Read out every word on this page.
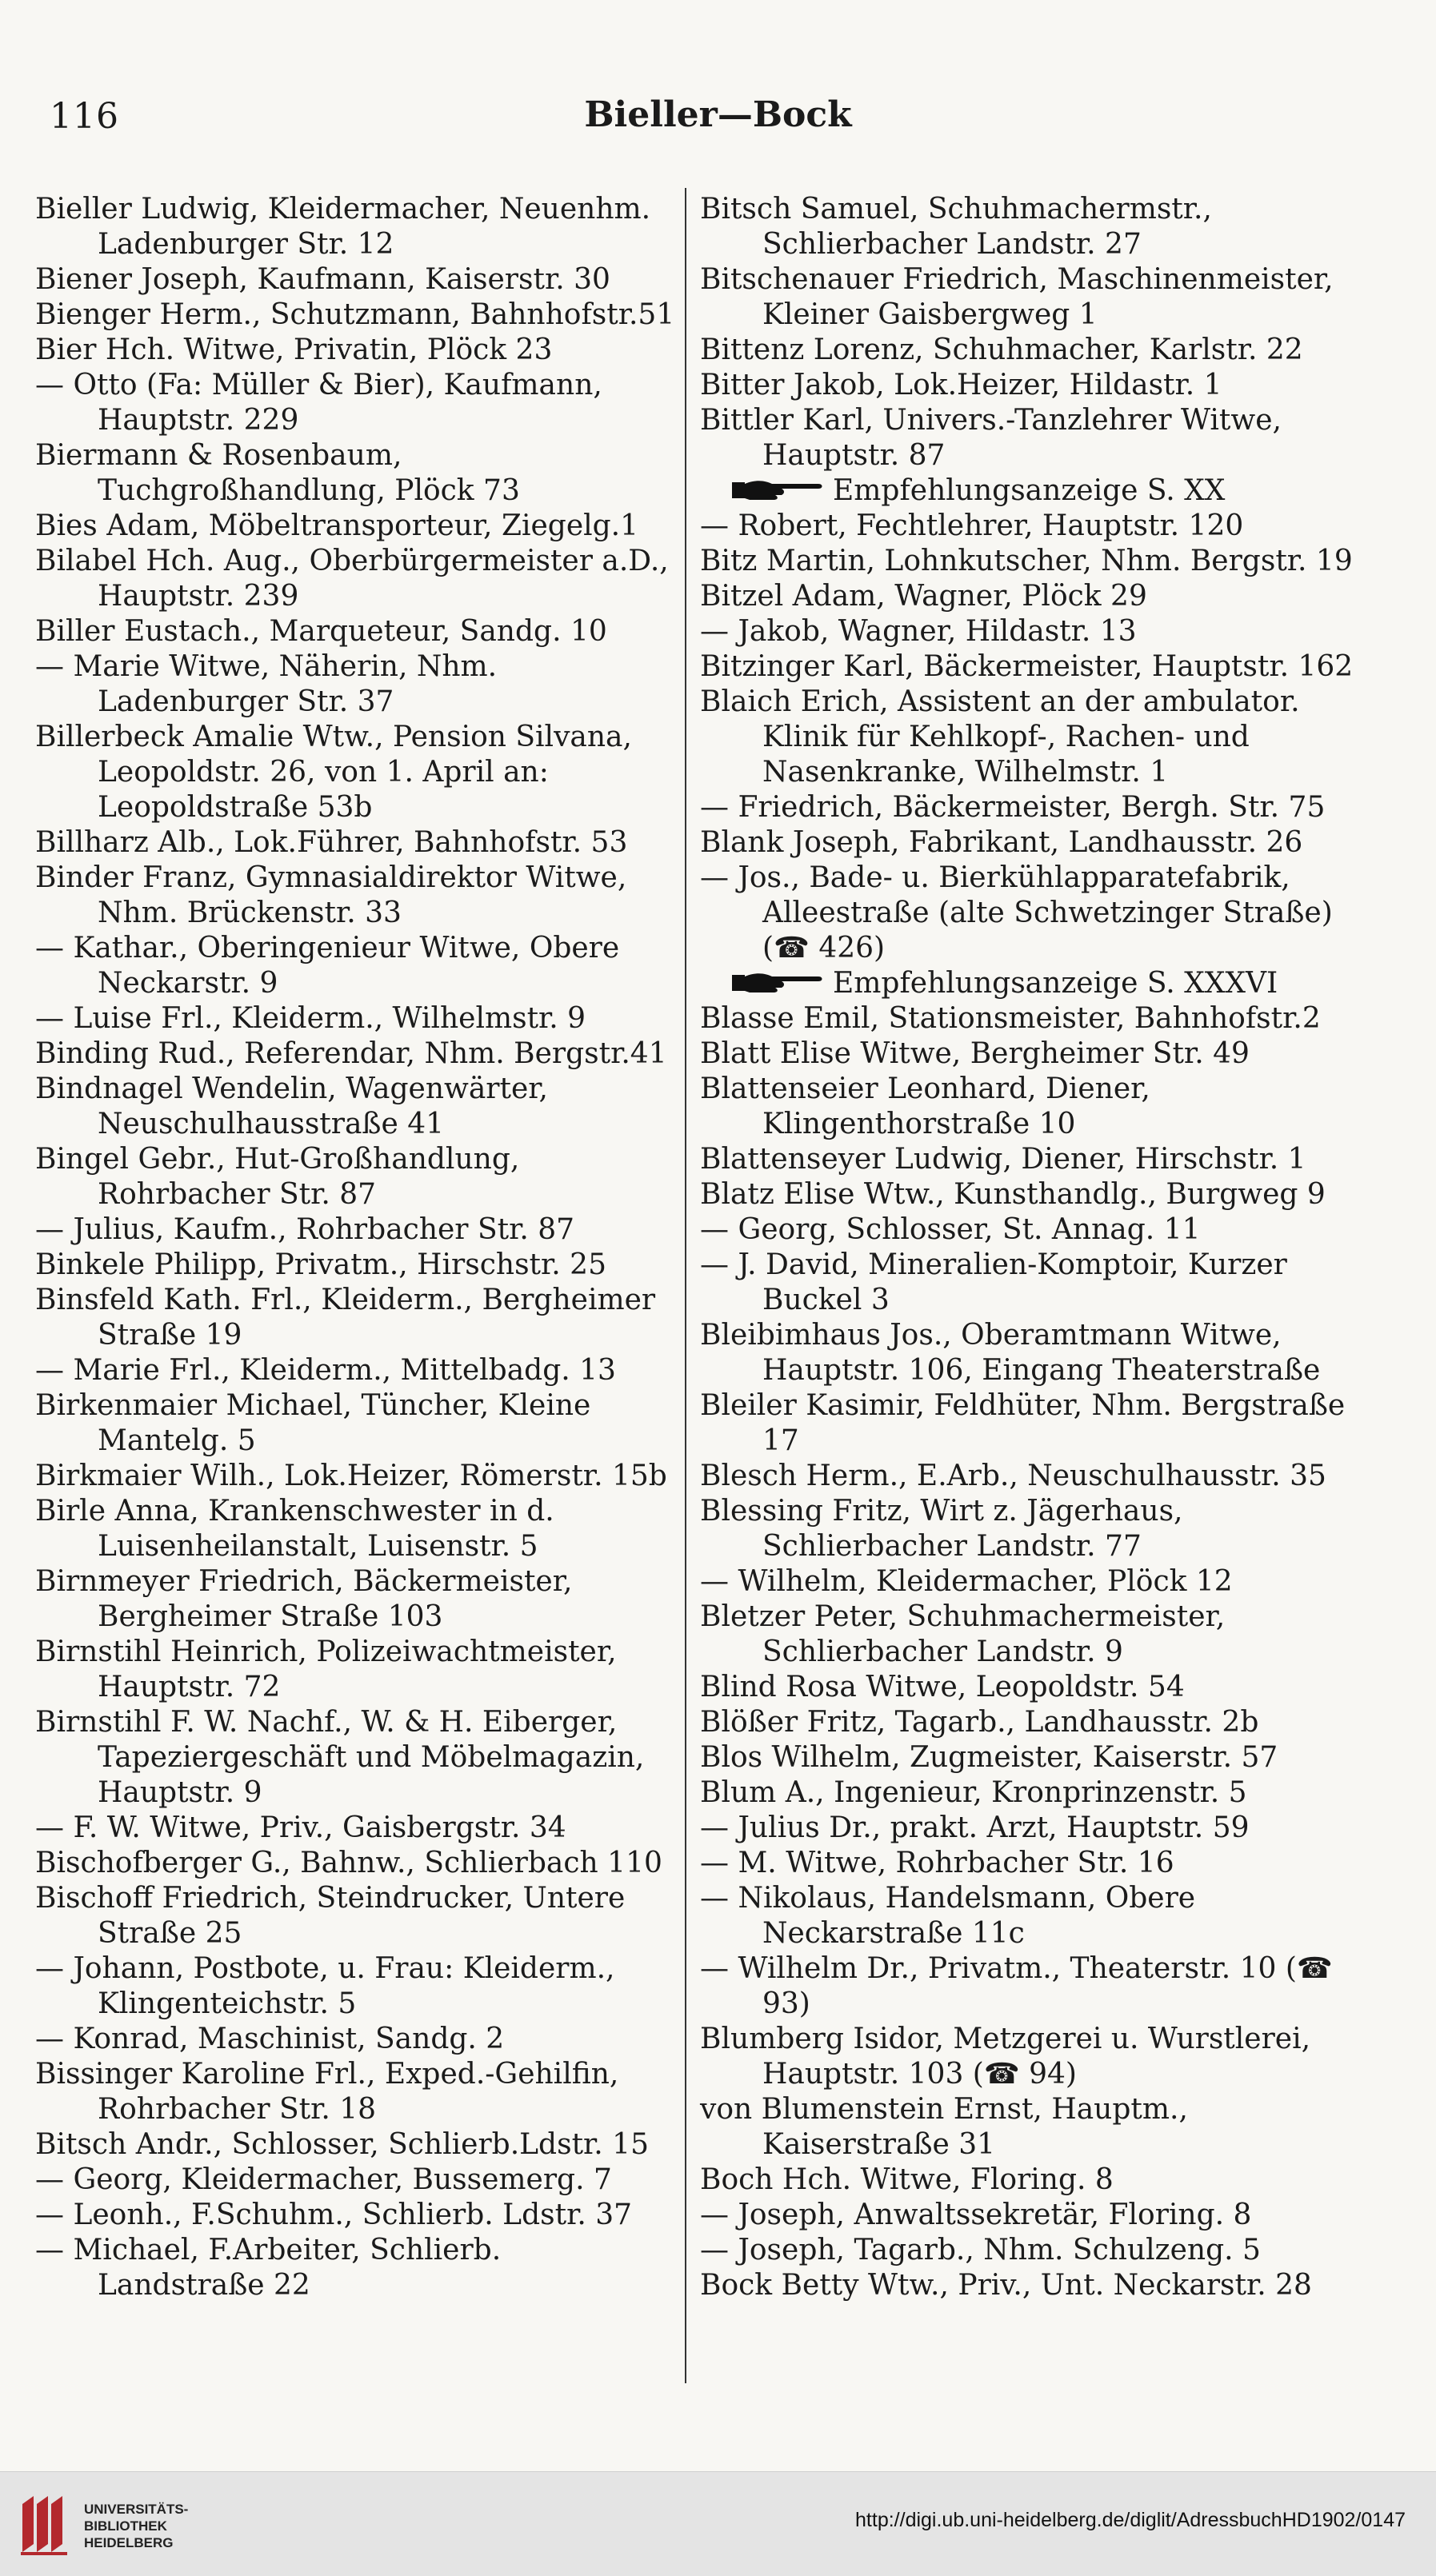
116	Bieller—Bock
Bieller Ludwig, Kleidermacher, Neuenhm. Ladenburger Str. 12
Biener Joseph, Kaufmann, Kaiserstr. 30
Bienger Herm., Schutzmann, Bahnhofstr.51
Bier Hch. Witwe, Privatin, Plöck 23
— Otto (Fa: Müller & Bier), Kaufmann, Hauptstr. 229
Biermann & Rosenbaum, Tuchgroßhandlung, Plöck 73
Bies Adam, Möbeltransporteur, Ziegelg.1
Bilabel Hch. Aug., Oberbürgermeister a.D., Hauptstr. 239
Biller Eustach., Marqueteur, Sandg. 10
— Marie Witwe, Näherin, Nhm. Ladenburger Str. 37
Billerbeck Amalie Wtw., Pension Silvana, Leopoldstr. 26, von 1. April an: Leopoldstraße 53b
Billharz Alb., Lok.Führer, Bahnhofstr. 53
Binder Franz, Gymnasialdirektor Witwe, Nhm. Brückenstr. 33
— Kathar., Oberingenieur Witwe, Obere Neckarstr. 9
— Luise Frl., Kleiderm., Wilhelmstr. 9
Binding Rud., Referendar, Nhm. Bergstr.41
Bindnagel Wendelin, Wagenwärter, Neuschulhausstraße 41
Bingel Gebr., Hut-Großhandlung, Rohrbacher Str. 87
— Julius, Kaufm., Rohrbacher Str. 87
Binkele Philipp, Privatm., Hirschstr. 25
Binsfeld Kath. Frl., Kleiderm., Bergheimer Straße 19
— Marie Frl., Kleiderm., Mittelbadg. 13
Birkenmaier Michael, Tüncher, Kleine Mantelg. 5
Birkmaier Wilh., Lok.Heizer, Römerstr. 15b
Birle Anna, Krankenschwester in d. Luisenheilanstalt, Luisenstr. 5
Birnmeyer Friedrich, Bäckermeister, Bergheimer Straße 103
Birnstihl Heinrich, Polizeiwachtmeister, Hauptstr. 72
Birnstihl F. W. Nachf., W. & H. Eiberger, Tapeziergeschäft und Möbelmagazin, Hauptstr. 9
— F. W. Witwe, Priv., Gaisbergstr. 34
Bischofberger G., Bahnw., Schlierbach 110
Bischoff Friedrich, Steindrucker, Untere Straße 25
— Johann, Postbote, u. Frau: Kleiderm., Klingenteichstr. 5
— Konrad, Maschinist, Sandg. 2
Bissinger Karoline Frl., Exped.-Gehilfin, Rohrbacher Str. 18
Bitsch Andr., Schlosser, Schlierb.Ldstr. 15
— Georg, Kleidermacher, Bussemerg. 7
— Leonh., F.Schuhm., Schlierb. Ldstr. 37
— Michael, F.Arbeiter, Schlierb. Landstraße 22
Bitsch Samuel, Schuhmachermstr., Schlierbacher Landstr. 27
Bitschenauer Friedrich, Maschinenmeister, Kleiner Gaisbergweg 1
Bittenz Lorenz, Schuhmacher, Karlstr. 22
Bitter Jakob, Lok.Heizer, Hildastr. 1
Bittler Karl, Univers.-Tanzlehrer Witwe, Hauptstr. 87
Empfehlungsanzeige S. XX
— Robert, Fechtlehrer, Hauptstr. 120
Bitz Martin, Lohnkutscher, Nhm. Bergstr. 19
Bitzel Adam, Wagner, Plöck 29
— Jakob, Wagner, Hildastr. 13
Bitzinger Karl, Bäckermeister, Hauptstr. 162
Blaich Erich, Assistent an der ambulator. Klinik für Kehlkopf-, Rachen- und Nasenkranke, Wilhelmstr. 1
— Friedrich, Bäckermeister, Bergh. Str. 75
Blank Joseph, Fabrikant, Landhausstr. 26
— Jos., Bade- u. Bierkühlapparatefabrik, Alleestraße (alte Schwetzinger Straße) (☎ 426)
Empfehlungsanzeige S. XXXVI
Blasse Emil, Stationsmeister, Bahnhofstr.2
Blatt Elise Witwe, Bergheimer Str. 49
Blattenseier Leonhard, Diener, Klingenthorstraße 10
Blattenseyer Ludwig, Diener, Hirschstr. 1
Blatz Elise Wtw., Kunsthandlg., Burgweg 9
— Georg, Schlosser, St. Annag. 11
— J. David, Mineralien-Komptoir, Kurzer Buckel 3
Bleibimhaus Jos., Oberamtmann Witwe, Hauptstr. 106, Eingang Theaterstraße
Bleiler Kasimir, Feldhüter, Nhm. Bergstraße 17
Blesch Herm., E.Arb., Neuschulhausstr. 35
Blessing Fritz, Wirt z. Jägerhaus, Schlierbacher Landstr. 77
— Wilhelm, Kleidermacher, Plöck 12
Bletzer Peter, Schuhmachermeister, Schlierbacher Landstr. 9
Blind Rosa Witwe, Leopoldstr. 54
Blößer Fritz, Tagarb., Landhausstr. 2b
Blos Wilhelm, Zugmeister, Kaiserstr. 57
Blum A., Ingenieur, Kronprinzenstr. 5
— Julius Dr., prakt. Arzt, Hauptstr. 59
— M. Witwe, Rohrbacher Str. 16
— Nikolaus, Handelsmann, Obere Neckarstraße 11c
— Wilhelm Dr., Privatm., Theaterstr. 10 (☎ 93)
Blumberg Isidor, Metzgerei u. Wurstlerei, Hauptstr. 103 (☎ 94)
von Blumenstein Ernst, Hauptm., Kaiserstraße 31
Boch Hch. Witwe, Floring. 8
— Joseph, Anwaltssekretär, Floring. 8
— Joseph, Tagarb., Nhm. Schulzeng. 5
Bock Betty Wtw., Priv., Unt. Neckarstr. 28
UNIVERSITÄTS-
BIBLIOTHEK
HEIDELBERG
http://digi.ub.uni-heidelberg.de/diglit/AdressbuchHD1902/0147
